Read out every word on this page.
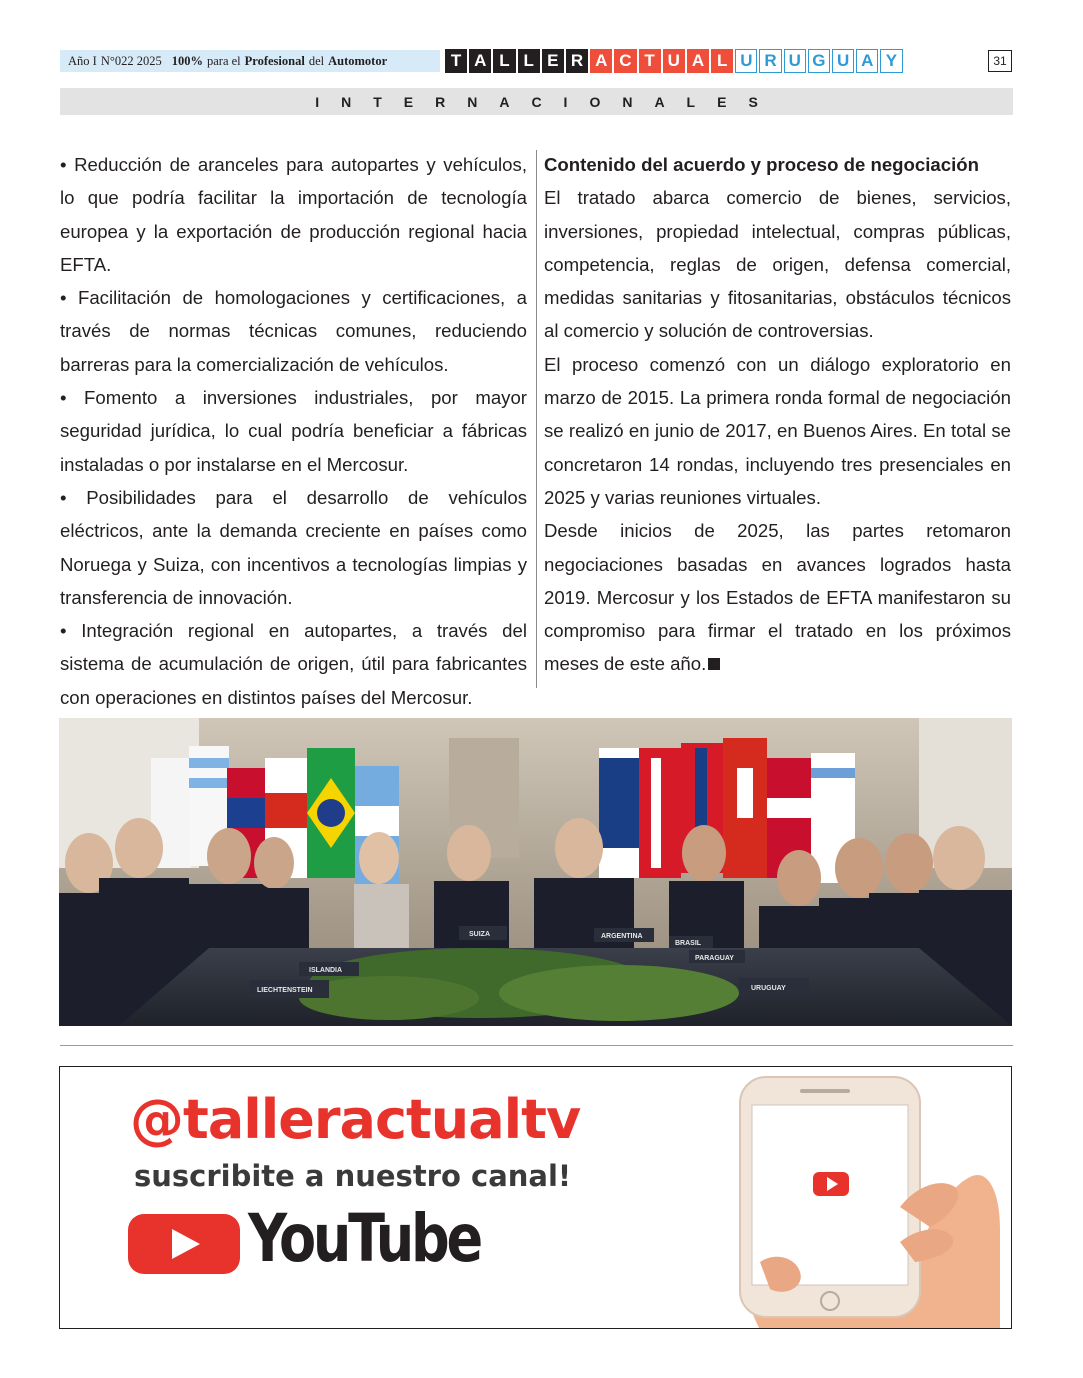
Año I N°022 2025 100% para el Profesional del Automotor	T A L L E R A C T U A L U R U G U A Y	31
INTERNACIONALES

• Reducción de aranceles para autopartes y vehículos, lo que podría facilitar la importación de tecnología europea y la exportación de producción regional hacia EFTA.

• Facilitación de homologaciones y certificaciones, a través de normas técnicas comunes, reduciendo barreras para la comercialización de vehículos.

• Fomento a inversiones industriales, por mayor seguridad jurídica, lo cual podría beneficiar a fábricas instaladas o por instalarse en el Mercosur.

• Posibilidades para el desarrollo de vehículos eléctricos, ante la demanda creciente en países como Noruega y Suiza, con incentivos a tecnologías limpias y transferencia de innovación.

• Integración regional en autopartes, a través del sistema de acumulación de origen, útil para fabricantes con operaciones en distintos países del Mercosur.

Contenido del acuerdo y proceso de negociación

El tratado abarca comercio de bienes, servicios, inversiones, propiedad intelectual, compras públicas, competencia, reglas de origen, defensa comercial, medidas sanitarias y fitosanitarias, obstáculos técnicos al comercio y solución de controversias.

El proceso comenzó con un diálogo exploratorio en marzo de 2015. La primera ronda formal de negociación se realizó en junio de 2017, en Buenos Aires. En total se concretaron 14 rondas, incluyendo tres presenciales en 2025 y varias reuniones virtuales.

Desde inicios de 2025, las partes retomaron negociaciones basadas en avances logrados hasta 2019. Mercosur y los Estados de EFTA manifestaron su compromiso para firmar el tratado en los próximos meses de este año.

LIECHTENSTEIN
ISLANDIA
SUIZA	ARGENTINA
BRASIL
PARAGUAY
URUGUAY
@talleractualtv
suscribite a nuestro canal!
YouTube
